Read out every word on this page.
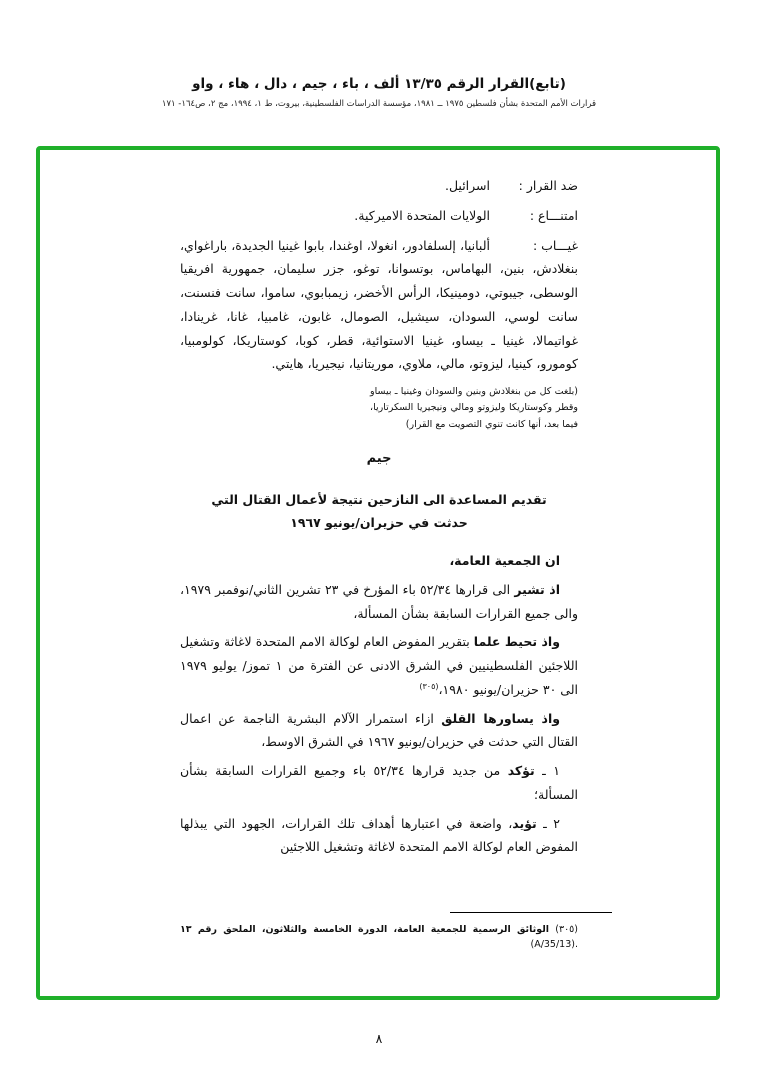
(تابع)القرار الرقم ١٣/٣٥ ألف ، باء ، جيم ، دال ، هاء ، واو
قرارات الأمم المتحدة بشأن فلسطين ١٩٧٥ ــ ١٩٨١، مؤسسة الدراسات الفلسطينية، بيروت، ط ١، ١٩٩٤، مج ٢، ص١٦٤- ١٧١
ضد القرار :اسرائيل.
امتنـــاع :الولايات المتحدة الاميركية.

غيـــاب :ألبانيا، إلسلفادور، انغولا، اوغندا، بابوا غينيا الجديدة، باراغواي، بنغلادش، بنين، البهاماس، بوتسوانا، توغو، جزر سليمان، جمهورية افريقيا الوسطى، جيبوتي، دومينيكا، الرأس الأخضر، زيمبابوي، ساموا، سانت فنسنت، سانت لوسي، السودان، سيشيل، الصومال، غابون، غامبيا، غانا، غرينادا، غواتيمالا، غينيا ـ بيساو، غينيا الاستوائية، قطر، كوبا، كوستاريكا، كولومبيا، كومورو، كينيا، ليزوتو، مالي، ملاوي، موريتانيا، نيجيريا، هايتي.

(بلغت كل من بنغلادش وبنين والسودان وغينيا ـ بيساو وقطر وكوستاريكا وليزوتو ومالي ونيجيريا السكرتاريا، فيما بعد، أنها كانت تنوي التصويت مع القرار)

جيم
تقديم المساعدة الى النازحين نتيجة لأعمال القتال التي
حدثت في حزيران/يونيو ١٩٦٧

ان الجمعية العامة،

اذ تشير الى قرارها ٥٢/٣٤ باء المؤرخ في ٢٣ تشرين الثاني/نوفمبر ١٩٧٩، والى جميع القرارات السابقة بشأن المسألة،

واذ تحيط علما بتقرير المفوض العام لوكالة الامم المتحدة لاغاثة وتشغيل اللاجئين الفلسطينيين في الشرق الادنى عن الفترة من ١ تموز/ يوليو ١٩٧٩ الى ٣٠ حزيران/يونيو ١٩٨٠،$^{(٣٠٥)}$

واذ يساورها القلق ازاء استمرار الآلام البشرية الناجمة عن اعمال القتال التي حدثت في حزيران/يونيو ١٩٦٧ في الشرق الاوسط،

١ ـ تؤكد من جديد قرارها ٥٢/٣٤ باء وجميع القرارات السابقة بشأن المسألة؛

٢ ـ تؤيد، واضعة في اعتبارها أهداف تلك القرارات، الجهود التي يبذلها المفوض العام لوكالة الامم المتحدة لاغاثة وتشغيل اللاجئين

(٣٠٥) الوثائق الرسمية للجمعية العامة، الدورة الخامسة والثلاثون، الملحق رقم ١٣ (A/35/13).

٨
